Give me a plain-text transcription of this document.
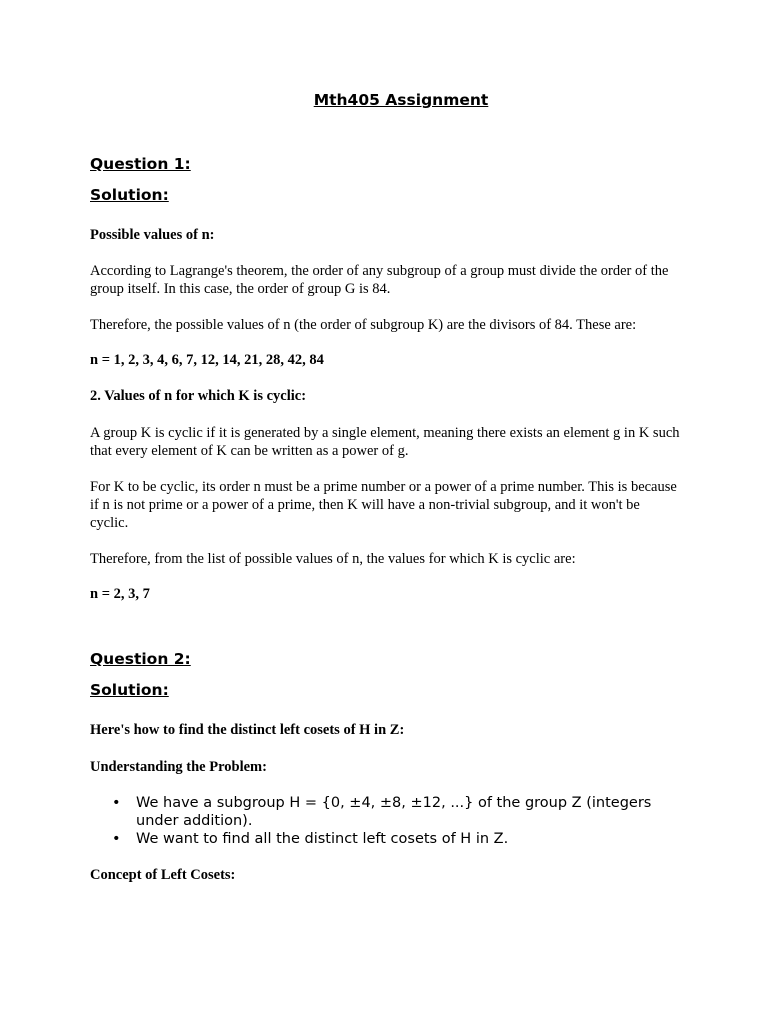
Mth405 Assignment
Question 1:
Solution:
Possible values of n:
According to Lagrange's theorem, the order of any subgroup of a group must divide the order of the group itself. In this case, the order of group G is 84.
Therefore, the possible values of n (the order of subgroup K) are the divisors of 84. These are:
n = 1, 2, 3, 4, 6, 7, 12, 14, 21, 28, 42, 84
2. Values of n for which K is cyclic:
A group K is cyclic if it is generated by a single element, meaning there exists an element g in K such that every element of K can be written as a power of g.
For K to be cyclic, its order n must be a prime number or a power of a prime number. This is because if n is not prime or a power of a prime, then K will have a non-trivial subgroup, and it won't be cyclic.
Therefore, from the list of possible values of n, the values for which K is cyclic are:
n = 2, 3, 7
Question 2:
Solution:
Here's how to find the distinct left cosets of H in Z:
Understanding the Problem:
• We have a subgroup H = {0, ±4, ±8, ±12, ...} of the group Z (integers under addition).
• We want to find all the distinct left cosets of H in Z.
Concept of Left Cosets:
